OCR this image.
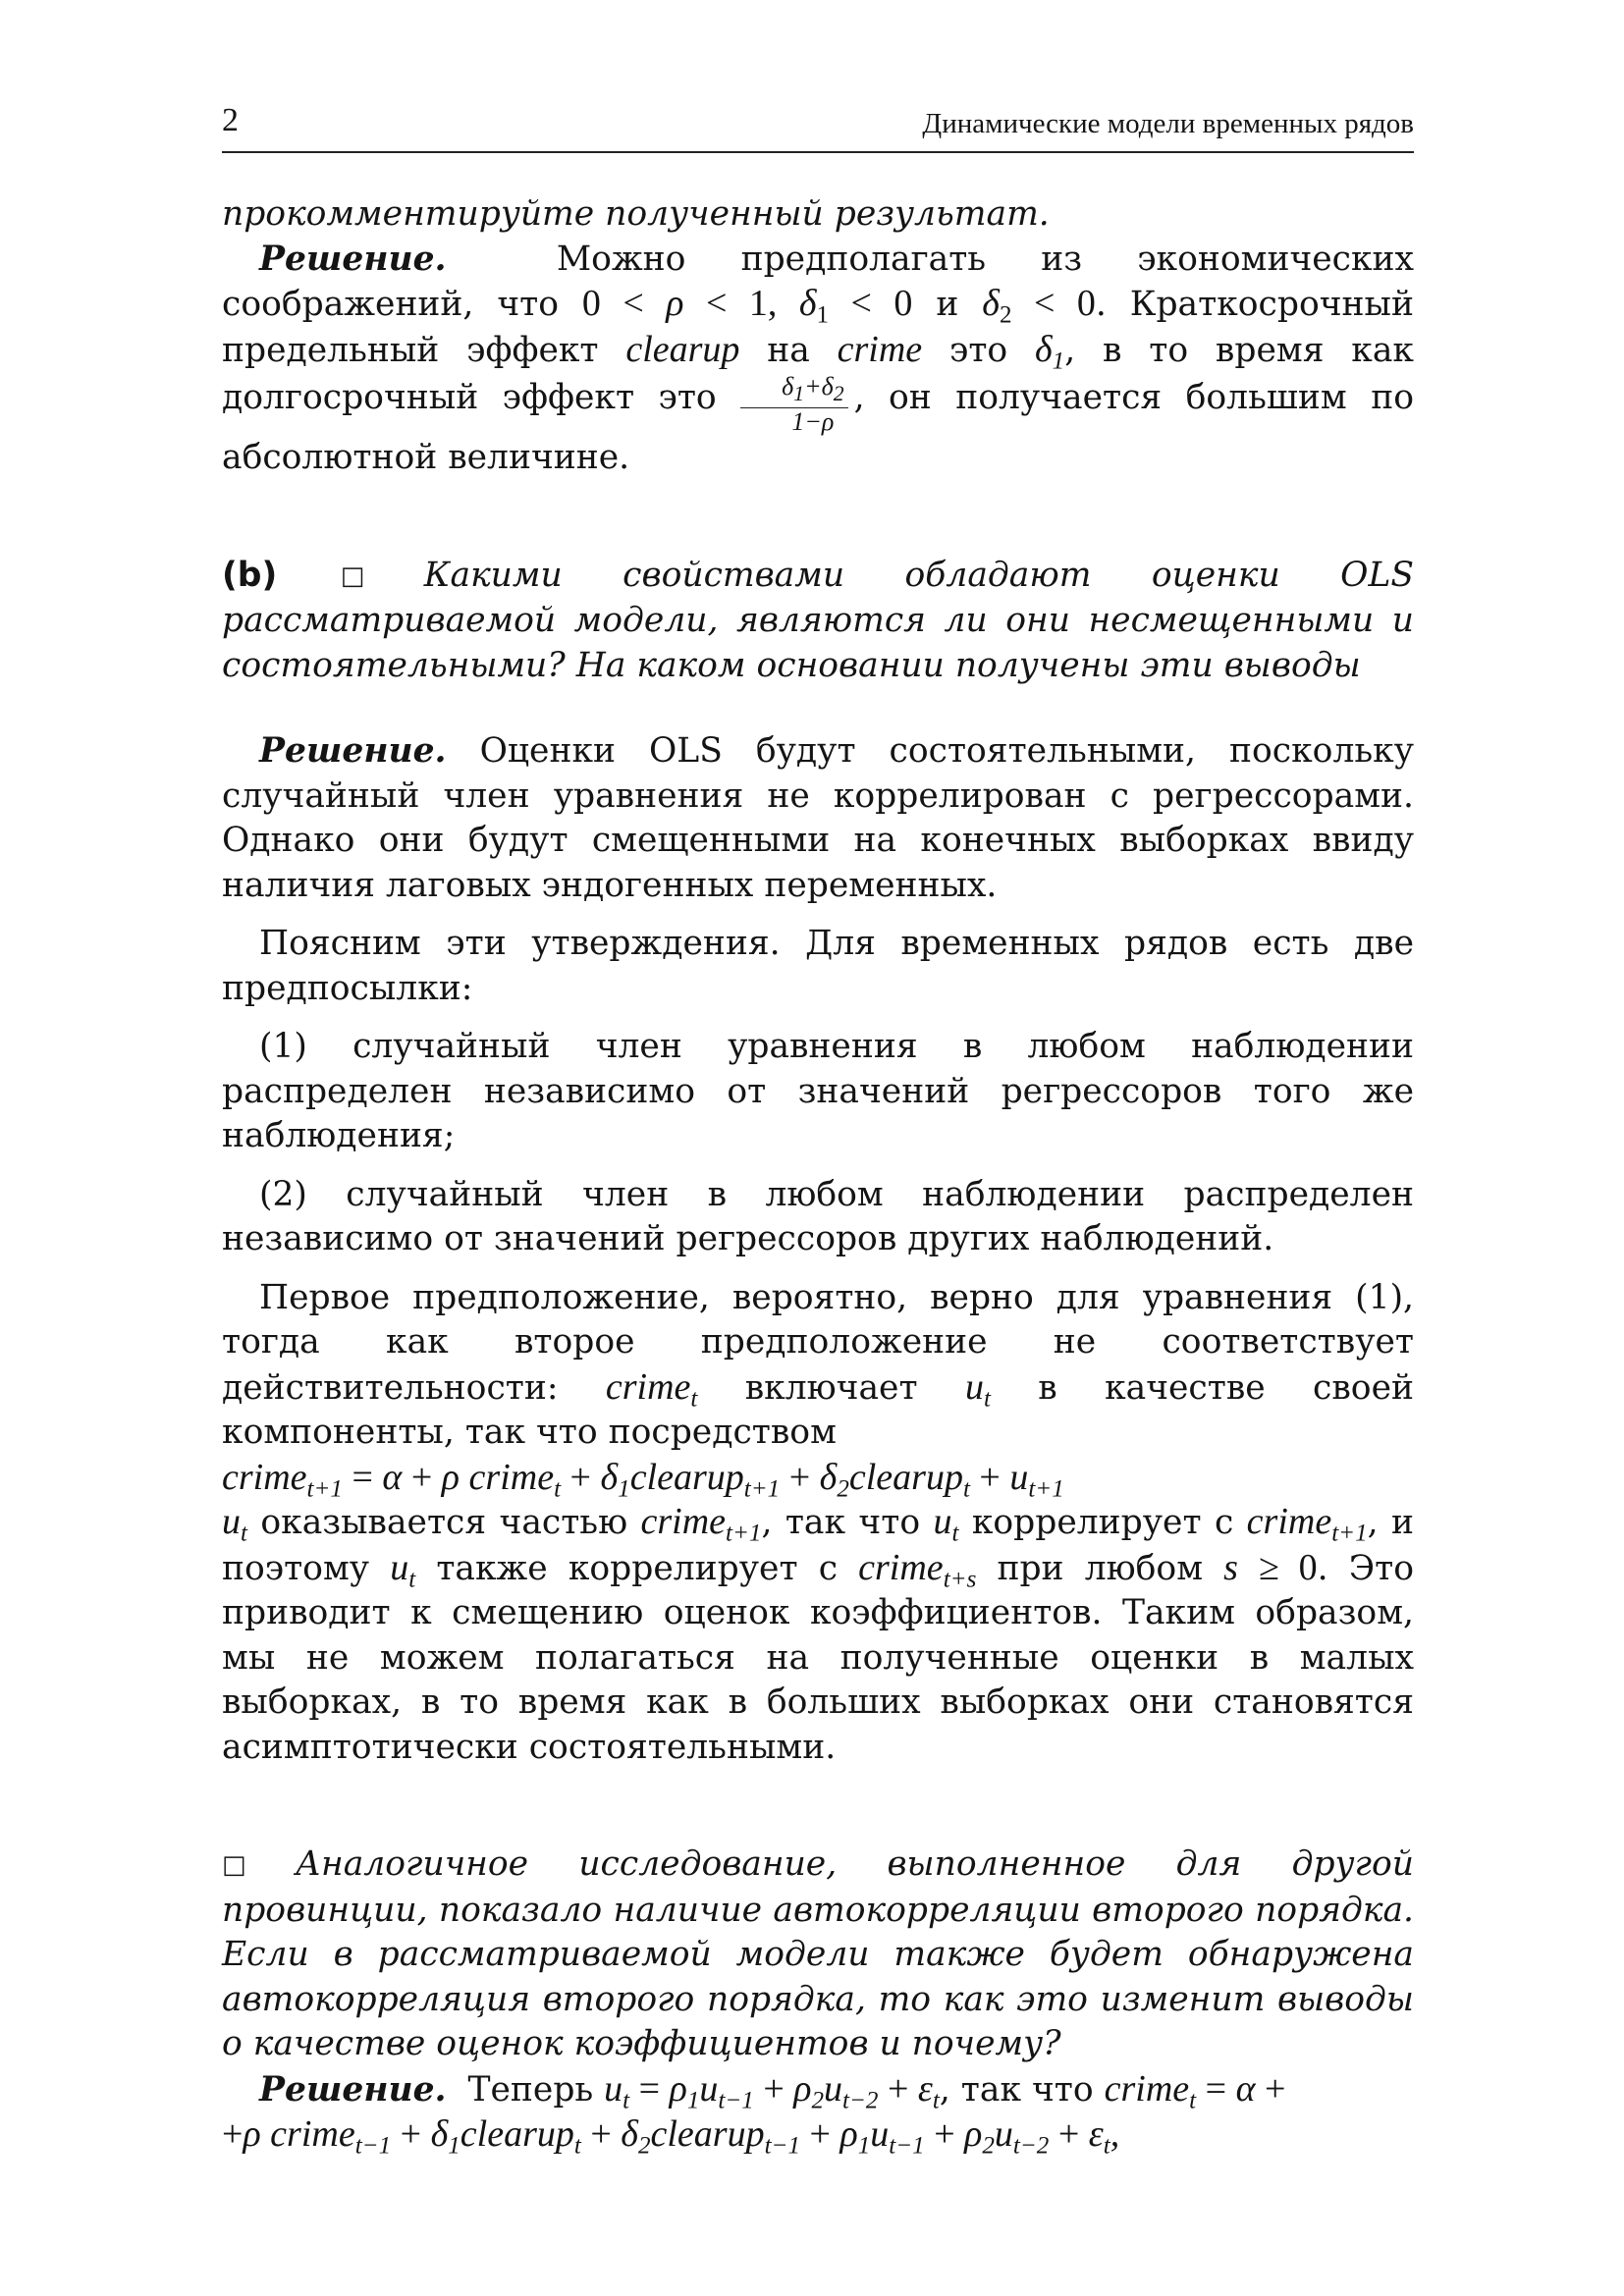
2	Динамические модели временных рядов

прокомментируйте полученный результат.

Решение.	Можно предполагать из экономических соображений, что 0 < ρ < 1, $\delta_1 < 0$ и $\delta_2 < 0$. Краткосрочный предельный эффект clearup на crime это $\delta_1$, в то время как долгосрочный эффект это $\frac{\delta_1+\delta_2}{1-\rho}$ , он получается большим по абсолютной величине.

(b) □ Какими свойствами обладают оценки OLS рассматриваемой модели, являются ли они несмещенными и состоятельными? На каком основании получены эти выводы

Решение. Оценки OLS будут состоятельными, поскольку случайный член уравнения не коррелирован с регрессорами. Однако они будут смещенными на конечных выборках ввиду наличия лаговых эндогенных переменных.

Поясним эти утверждения. Для временных рядов есть две предпосылки:

(1) случайный член уравнения в любом наблюдении распределен независимо от значений регрессоров того же наблюдения;

(2) случайный член в любом наблюдении распределен независимо от значений регрессоров других наблюдений.

Первое предположение, вероятно, верно для уравнения (1), тогда как второе предположение не соответствует действительности: crime$_t$ включает $u_t$ в качестве своей компоненты, так что посредством

crime$_{t+1}$ = α + ρ crime$_t$ + $\delta_1clearup_{t+1}$ + $\delta_2clearup_t + u_{t+1}$

$u_t$ оказывается частью crime$_{t+1}$, так что $u_t$ коррелирует с crime$_{t+1}$, и поэтому $u_t$ также коррелирует с crime$_{t+s}$ при любом s ≥ 0. Это приводит к смещению оценок коэффициентов. Таким образом, мы не можем полагаться на полученные оценки в малых выборках, в то время как в больших выборках они становятся асимптотически состоятельными.

□ Аналогичное исследование, выполненное для другой провинции, показало наличие автокорреляции второго порядка. Если в рассматриваемой модели также будет обнаружена автокорреляция второго порядка, то как это изменит выводы о качестве оценок коэффициентов и почему?

Решение. Теперь $u_t = \rho_1u_{t-1} + \rho_2u_{t-2} + \varepsilon_t$, так что crime$_t$ = α +
+ρ crime$_{t-1}$ + $\delta_1clearup_t$ + $\delta_2clearup_{t-1} + \rho_1u_{t-1} + \rho_2u_{t-2} + \varepsilon_t$,
